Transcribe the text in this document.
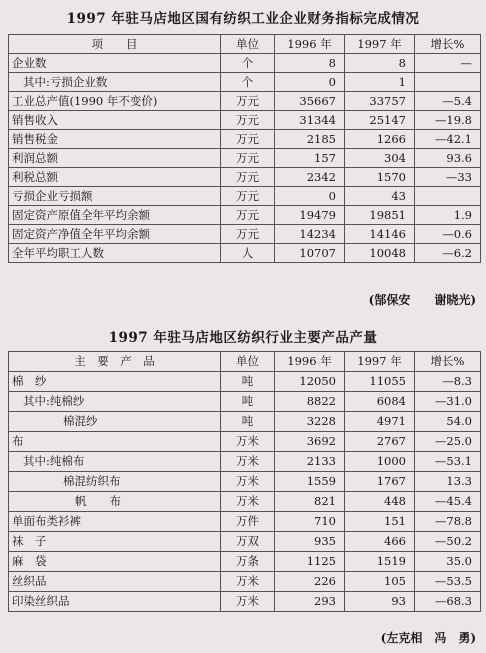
1997 年驻马店地区国有纺织工业企业财务指标完成情况
项　　目	单位	1996 年	1997 年	增长%
企业数	个	8	8	—
其中:亏损企业数	个	0	1	
工业总产值(1990 年不变价)	万元	35667	33757	—5.4
销售收入	万元	31344	25147	—19.8
销售税金	万元	2185	1266	—42.1
利润总额	万元	157	304	93.6
利税总额	万元	2342	1570	—33
亏损企业亏损额	万元	0	43	
固定资产原值全年平均余额	万元	19479	19851	1.9
固定资产净值全年平均余额	万元	14234	14146	—0.6
全年平均职工人数	人	10707	10048	—6.2
(郜保安　　谢晓光)
1997 年驻马店地区纺织行业主要产品产量
主　要　产　品	单位	1996 年	1997 年	增长%
棉　纱	吨	12050	11055	—8.3
其中:纯棉纱	吨	8822	6084	—31.0
棉混纱	吨	3228	4971	54.0
布	万米	3692	2767	—25.0
其中:纯棉布	万米	2133	1000	—53.1
棉混纺织布	万米	1559	1767	13.3
帆　　布	万米	821	448	—45.4
单面布类衫裤	万件	710	151	—78.8
袜　子	万双	935	466	—50.2
麻　袋	万条	1125	1519	35.0
丝织品	万米	226	105	—53.5
印染丝织品	万米	293	93	—68.3
(左克相　冯　勇)
